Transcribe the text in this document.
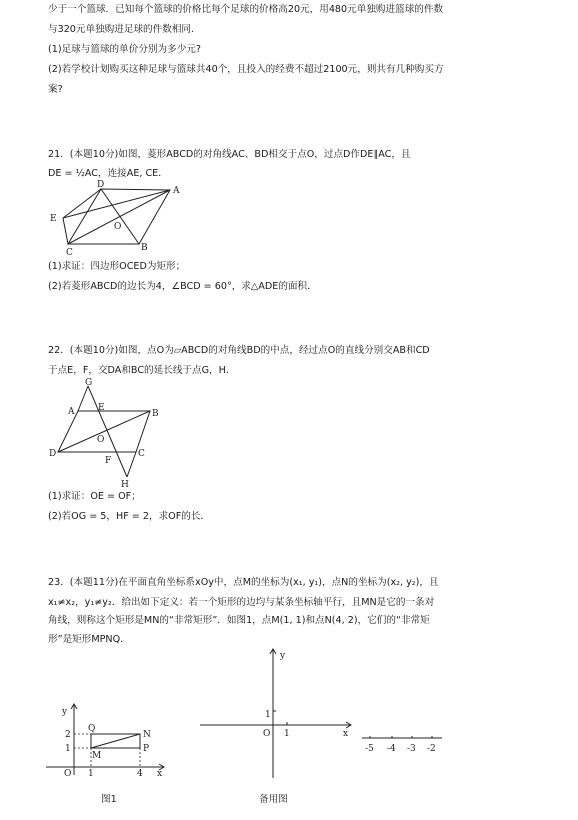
少于一个篮球．已知每个篮球的价格比每个足球的价格高20元，用480元单独购进篮球的件数
与320元单独购进足球的件数相同．
(1)足球与篮球的单价分别为多少元?
(2)若学校计划购买这种足球与篮球共40个，且投入的经费不超过2100元，则共有几种购买方
案?
21．(本题10分)如图，菱形ABCD的对角线AC、BD相交于点O，过点D作DE∥AC，且
DE = ½AC，连接AE, CE．
D
A
E
O
C	B
(1)求证：四边形OCED为矩形；
(2)若菱形ABCD的边长为4，∠BCD = 60°，求△ADE的面积．
22．(本题10分)如图，点O为▱ABCD的对角线BD的中点，经过点O的直线分别交AB和CD
于点E，F，交DA和BC的延长线于点G，H．
G
A	E
B
O
D
F
C
H
(1)求证：OE = OF；
(2)若OG = 5，HF = 2，求OF的长．
23．(本题11分)在平面直角坐标系xOy中，点M的坐标为(x₁, y₁)，点N的坐标为(x₂, y₂)，且
x₁≠x₂，y₁≠y₂．给出如下定义：若一个矩形的边均与某条坐标轴平行，且MN是它的一条对
角线，则称这个矩形是MN的“非常矩形”．如图1，点M(1, 1)和点N(4, 2)，它们的“非常矩
形”是矩形MPNQ．
y
x
O 1	4
1
2
Q
N
M
P
图1
y
x
O 1
1
备用图
-5 -4 -3 -2
